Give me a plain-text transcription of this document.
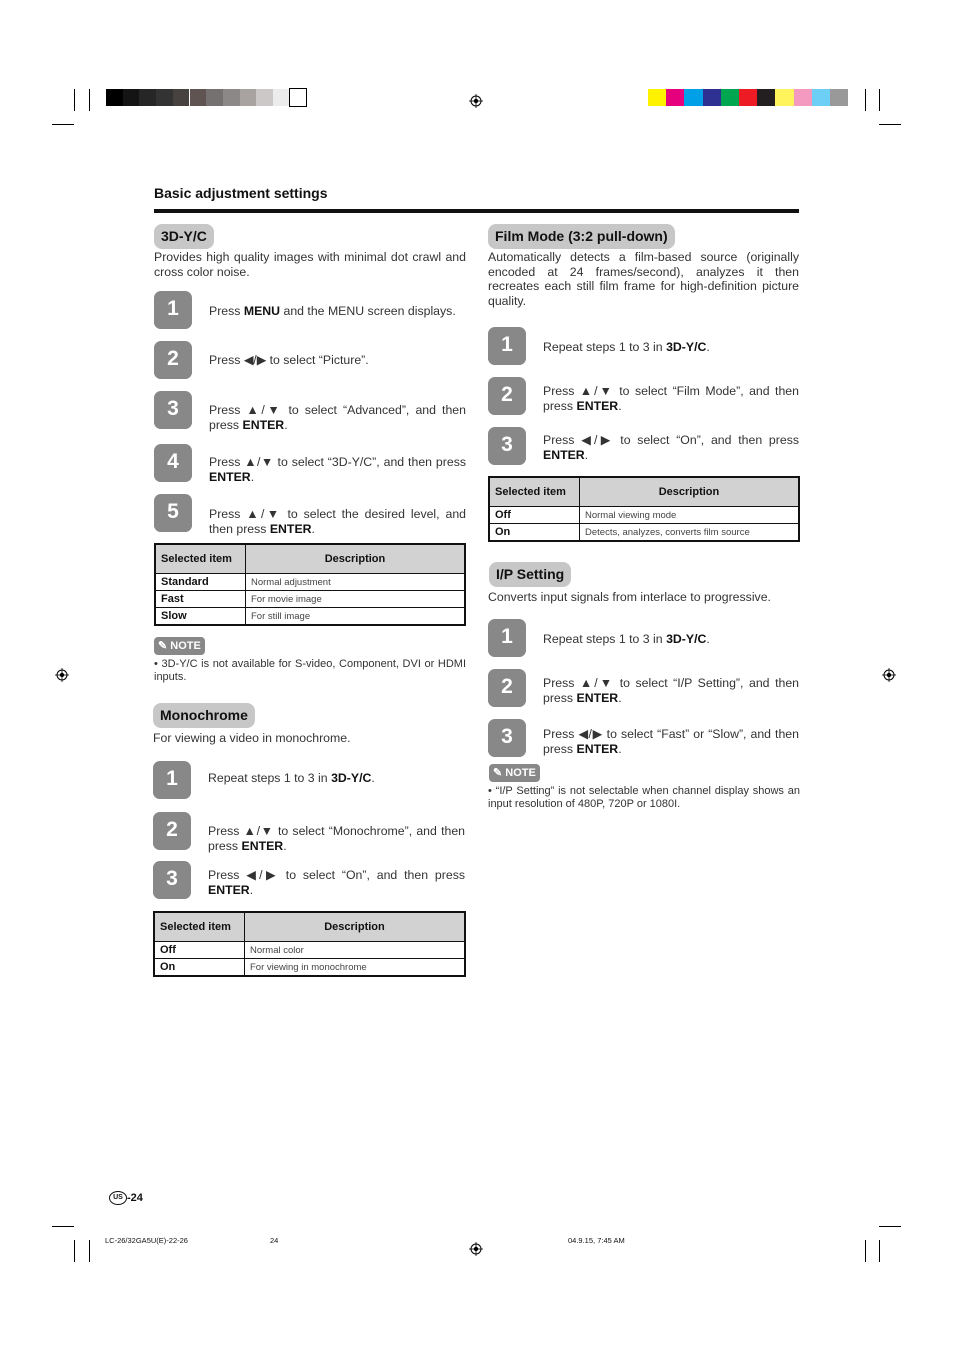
Basic adjustment settings
3D-Y/C
Provides high quality images with minimal dot crawl and cross color noise.
1	Press MENU and the MENU screen displays.
2	Press ◀/▶ to select “Picture”.
3	Press ▲/▼ to select “Advanced”, and then press ENTER.
4	Press ▲/▼ to select “3D-Y/C”, and then press ENTER.
5	Press ▲/▼ to select the desired level, and then press ENTER.
Selected item	Description
Standard	Normal adjustment
Fast	For movie image
Slow	For still image
✎ NOTE
• 3D-Y/C is not available for S-video, Component, DVI or HDMI inputs.
Monochrome
For viewing a video in monochrome.
1	Repeat steps 1 to 3 in 3D-Y/C.
2	Press ▲/▼ to select “Monochrome”, and then press ENTER.
3	Press ◀/▶ to select “On”, and then press ENTER.
Selected item	Description
Off	Normal color
On	For viewing in monochrome
Film Mode (3:2 pull-down)
Automatically detects a film-based source (originally encoded at 24 frames/second), analyzes it then recreates each still film frame for high-definition picture quality.
1	Repeat steps 1 to 3 in 3D-Y/C.
2	Press ▲/▼ to select “Film Mode”, and then press ENTER.
3	Press ◀/▶ to select “On”, and then press ENTER.
Selected item	Description
Off	Normal viewing mode
On	Detects, analyzes, converts film source
I/P Setting
Converts input signals from interlace to progressive.
1	Repeat steps 1 to 3 in 3D-Y/C.
2	Press ▲/▼ to select “I/P Setting”, and then press ENTER.
3	Press ◀/▶ to select “Fast” or “Slow”, and then press ENTER.
✎ NOTE
• “I/P Setting” is not selectable when channel display shows an input resolution of 480P, 720P or 1080I.
US -24
LC-26/32GA5U(E)-22-26	24	04.9.15, 7:45 AM
